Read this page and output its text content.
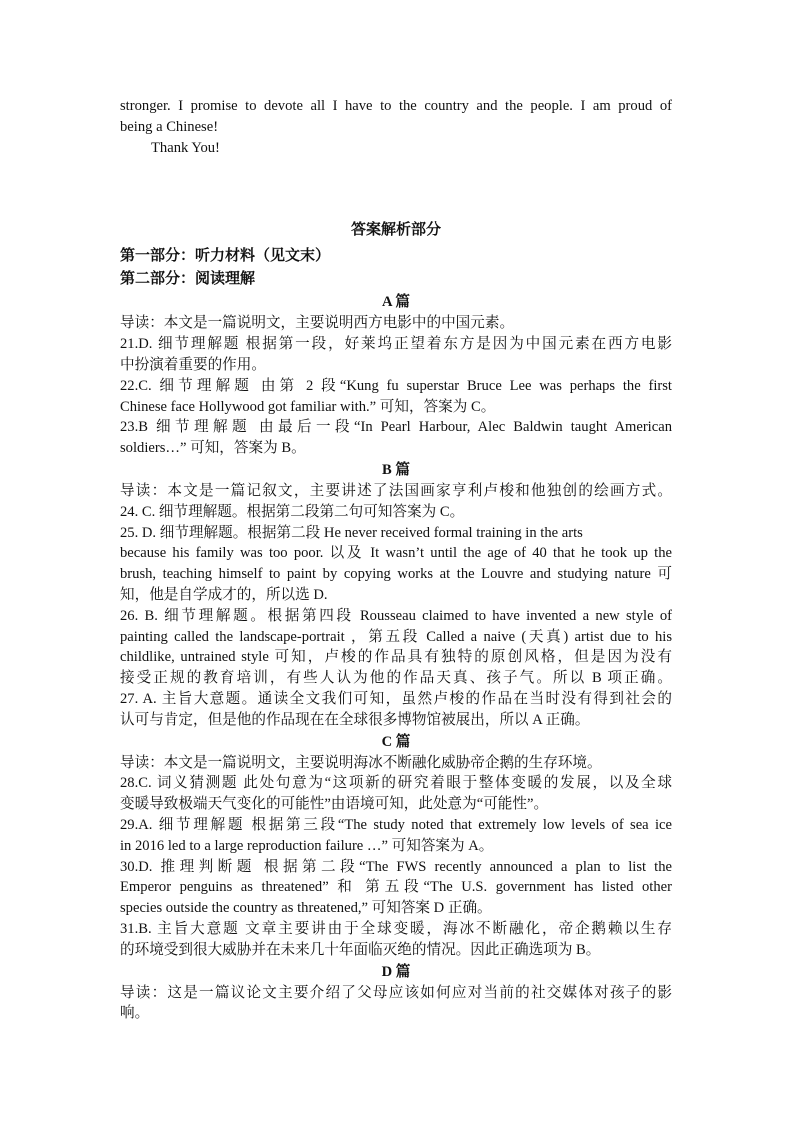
stronger. I promise to devote all I have to the country and the people. I am proud of
being a Chinese!
Thank You!
答案解析部分
第一部分：听力材料（见文末）
第二部分：阅读理解
A 篇
导读：本文是一篇说明文，主要说明西方电影中的中国元素。
21.D. 细节理解题 根据第一段，好莱坞正望着东方是因为中国元素在西方电影
中扮演着重要的作用。
22.C. 细节理解题 由第 2 段“Kung fu superstar Bruce Lee was perhaps the first
Chinese face Hollywood got familiar with.” 可知，答案为 C。
23.B 细节理解题 由最后一段“In Pearl Harbour, Alec Baldwin taught American
soldiers…” 可知，答案为 B。
B 篇
导读：本文是一篇记叙文，主要讲述了法国画家亨利卢梭和他独创的绘画方式。
24. C. 细节理解题。根据第二段第二句可知答案为 C。
25. D. 细节理解题。根据第二段 He never received formal training in the arts
because his family was too poor. 以及 It wasn’t until the age of 40 that he took up the
brush, teaching himself to paint by copying works at the Louvre and studying nature 可
知，他是自学成才的，所以选 D.
26. B. 细节理解题。根据第四段 Rousseau claimed to have invented a new style of
painting called the landscape-portrait ，第五段 Called a naive (天真) artist due to his
childlike, untrained style 可知，卢梭的作品具有独特的原创风格，但是因为没有
接受正规的教育培训，有些人认为他的作品天真、孩子气。所以 B 项正确。
27. A. 主旨大意题。通读全文我们可知，虽然卢梭的作品在当时没有得到社会的
认可与肯定，但是他的作品现在在全球很多博物馆被展出，所以 A 正确。
C 篇
导读：本文是一篇说明文，主要说明海冰不断融化威胁帝企鹅的生存环境。
28.C. 词义猜测题 此处句意为“这项新的研究着眼于整体变暖的发展，以及全球
变暖导致极端天气变化的可能性”由语境可知，此处意为“可能性”。
29.A. 细节理解题 根据第三段“The study noted that extremely low levels of sea ice
in 2016 led to a large reproduction failure …” 可知答案为 A。
30.D. 推理判断题 根据第二段“The FWS recently announced a plan to list the
Emperor penguins as threatened” 和 第五段“The U.S. government has listed other
species outside the country as threatened,” 可知答案 D 正确。
31.B. 主旨大意题 文章主要讲由于全球变暖，海冰不断融化，帝企鹅赖以生存
的环境受到很大威胁并在未来几十年面临灭绝的情况。因此正确选项为 B。
D 篇
导读：这是一篇议论文主要介绍了父母应该如何应对当前的社交媒体对孩子的影
响。
